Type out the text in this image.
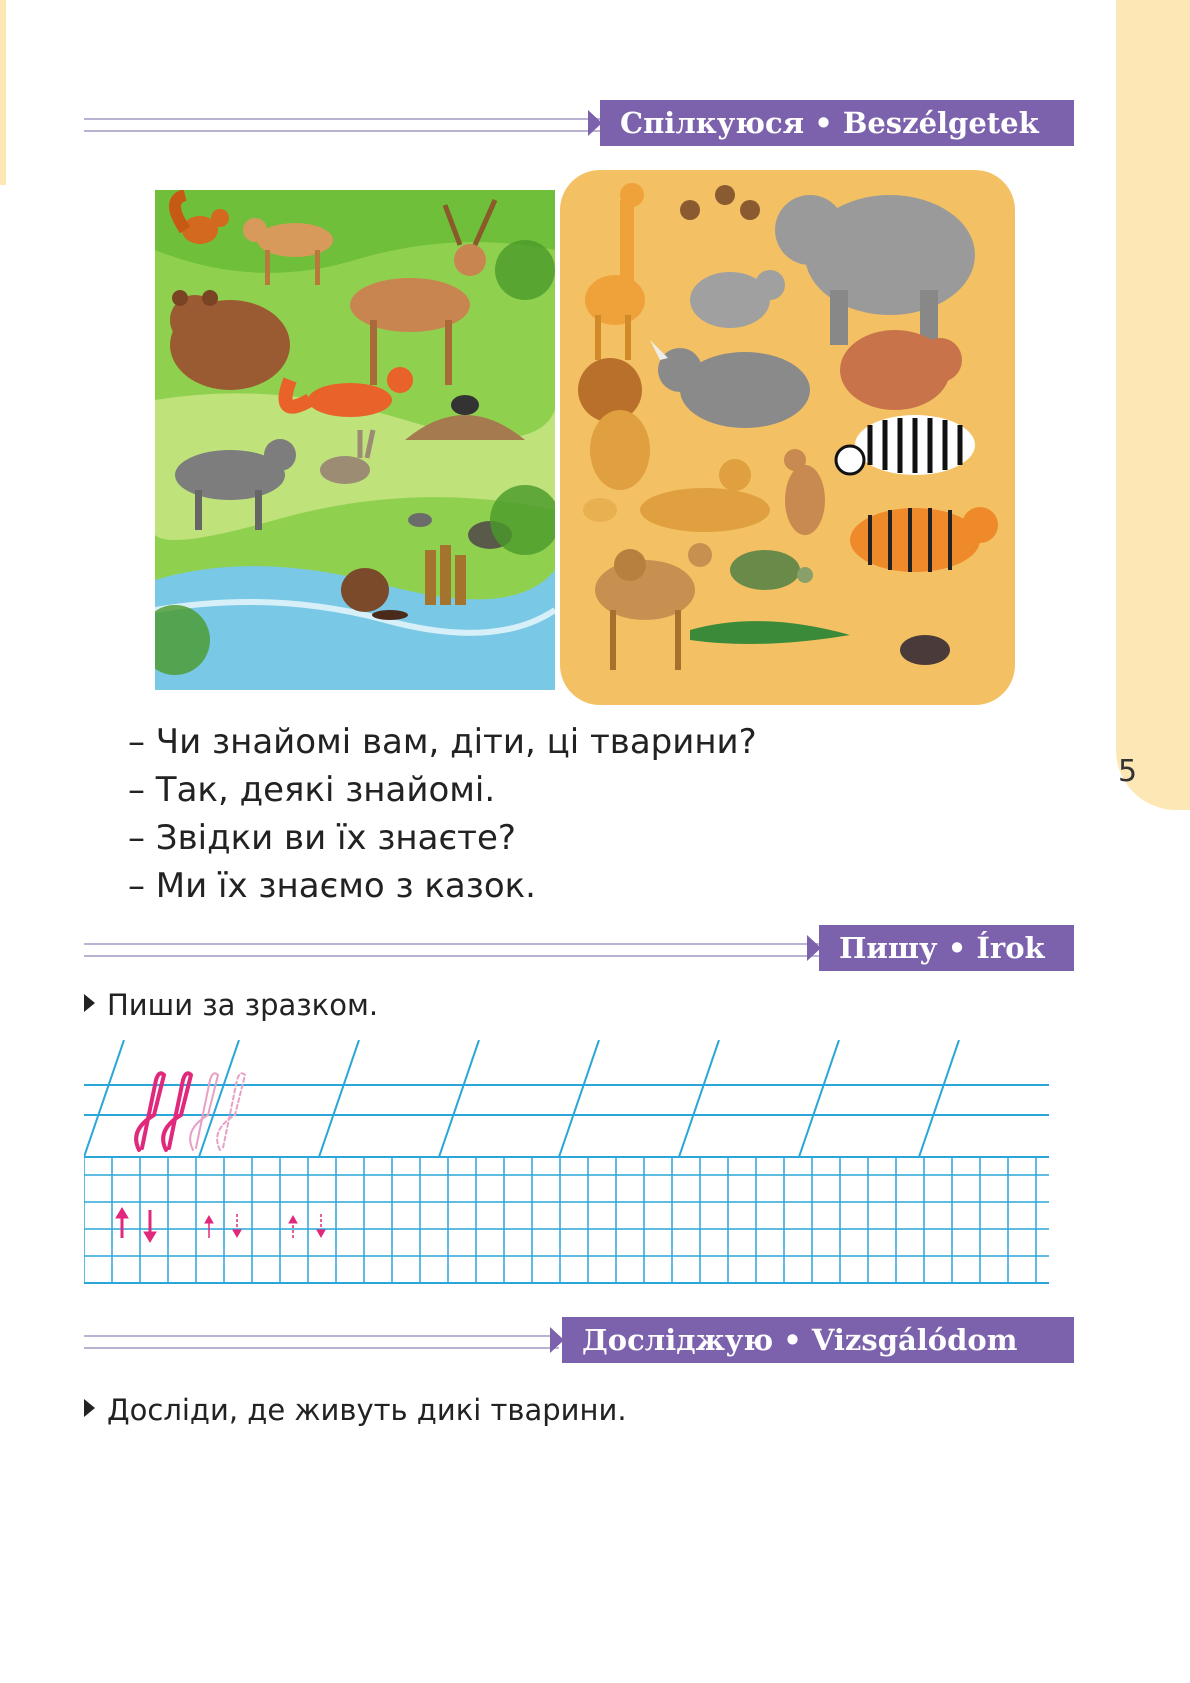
5
Спілкуюся • Beszélgetek
– Чи знайомі вам, діти, ці тварини?
– Так, деякі знайомі.
– Звідки ви їх знаєте?
– Ми їх знаємо з казок.
Пишу • Írok
Пиши за зразком.
Досліджую • Vizsgálódom
Досліди, де живуть дикі тварини.
